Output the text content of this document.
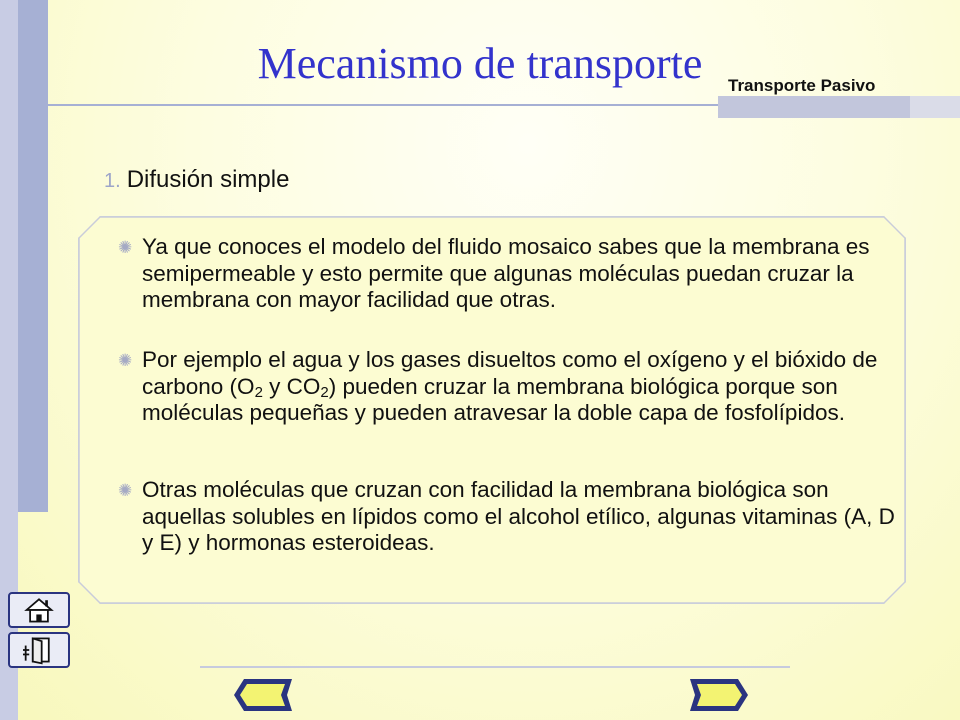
Mecanismo de transporte	Transporte Pasivo
1. Difusión simple
✺ Ya que conoces el modelo del fluido mosaico sabes que la membrana es semipermeable y esto permite que algunas moléculas puedan cruzar la membrana con mayor facilidad que otras.
✺ Por ejemplo el agua y los gases disueltos como el oxígeno y el bióxido de carbono ($O_2$ y $CO_2$) pueden cruzar la membrana biológica porque son moléculas pequeñas y pueden atravesar la doble capa de fosfolípidos.
✺ Otras moléculas que cruzan con facilidad la membrana biológica son aquellas solubles en lípidos como el alcohol etílico, algunas vitaminas (A, D y E) y hormonas esteroideas.
